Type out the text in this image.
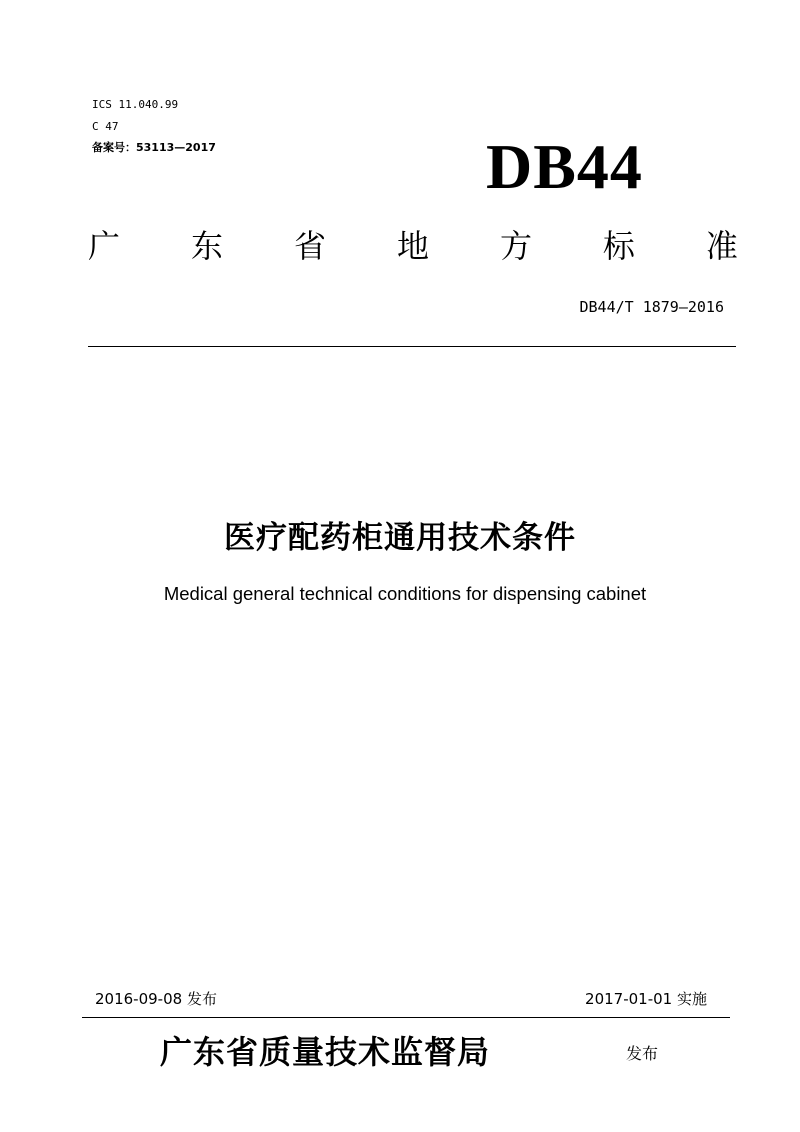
ICS 11.040.99
C 47
备案号：53113—2017	DB44
广 东 省 地 方 标 准
DB44/T 1879—2016
医疗配药柜通用技术条件
Medical general technical conditions for dispensing cabinet
2016-09-08 发布	2017-01-01 实施
广东省质量技术监督局	发布
